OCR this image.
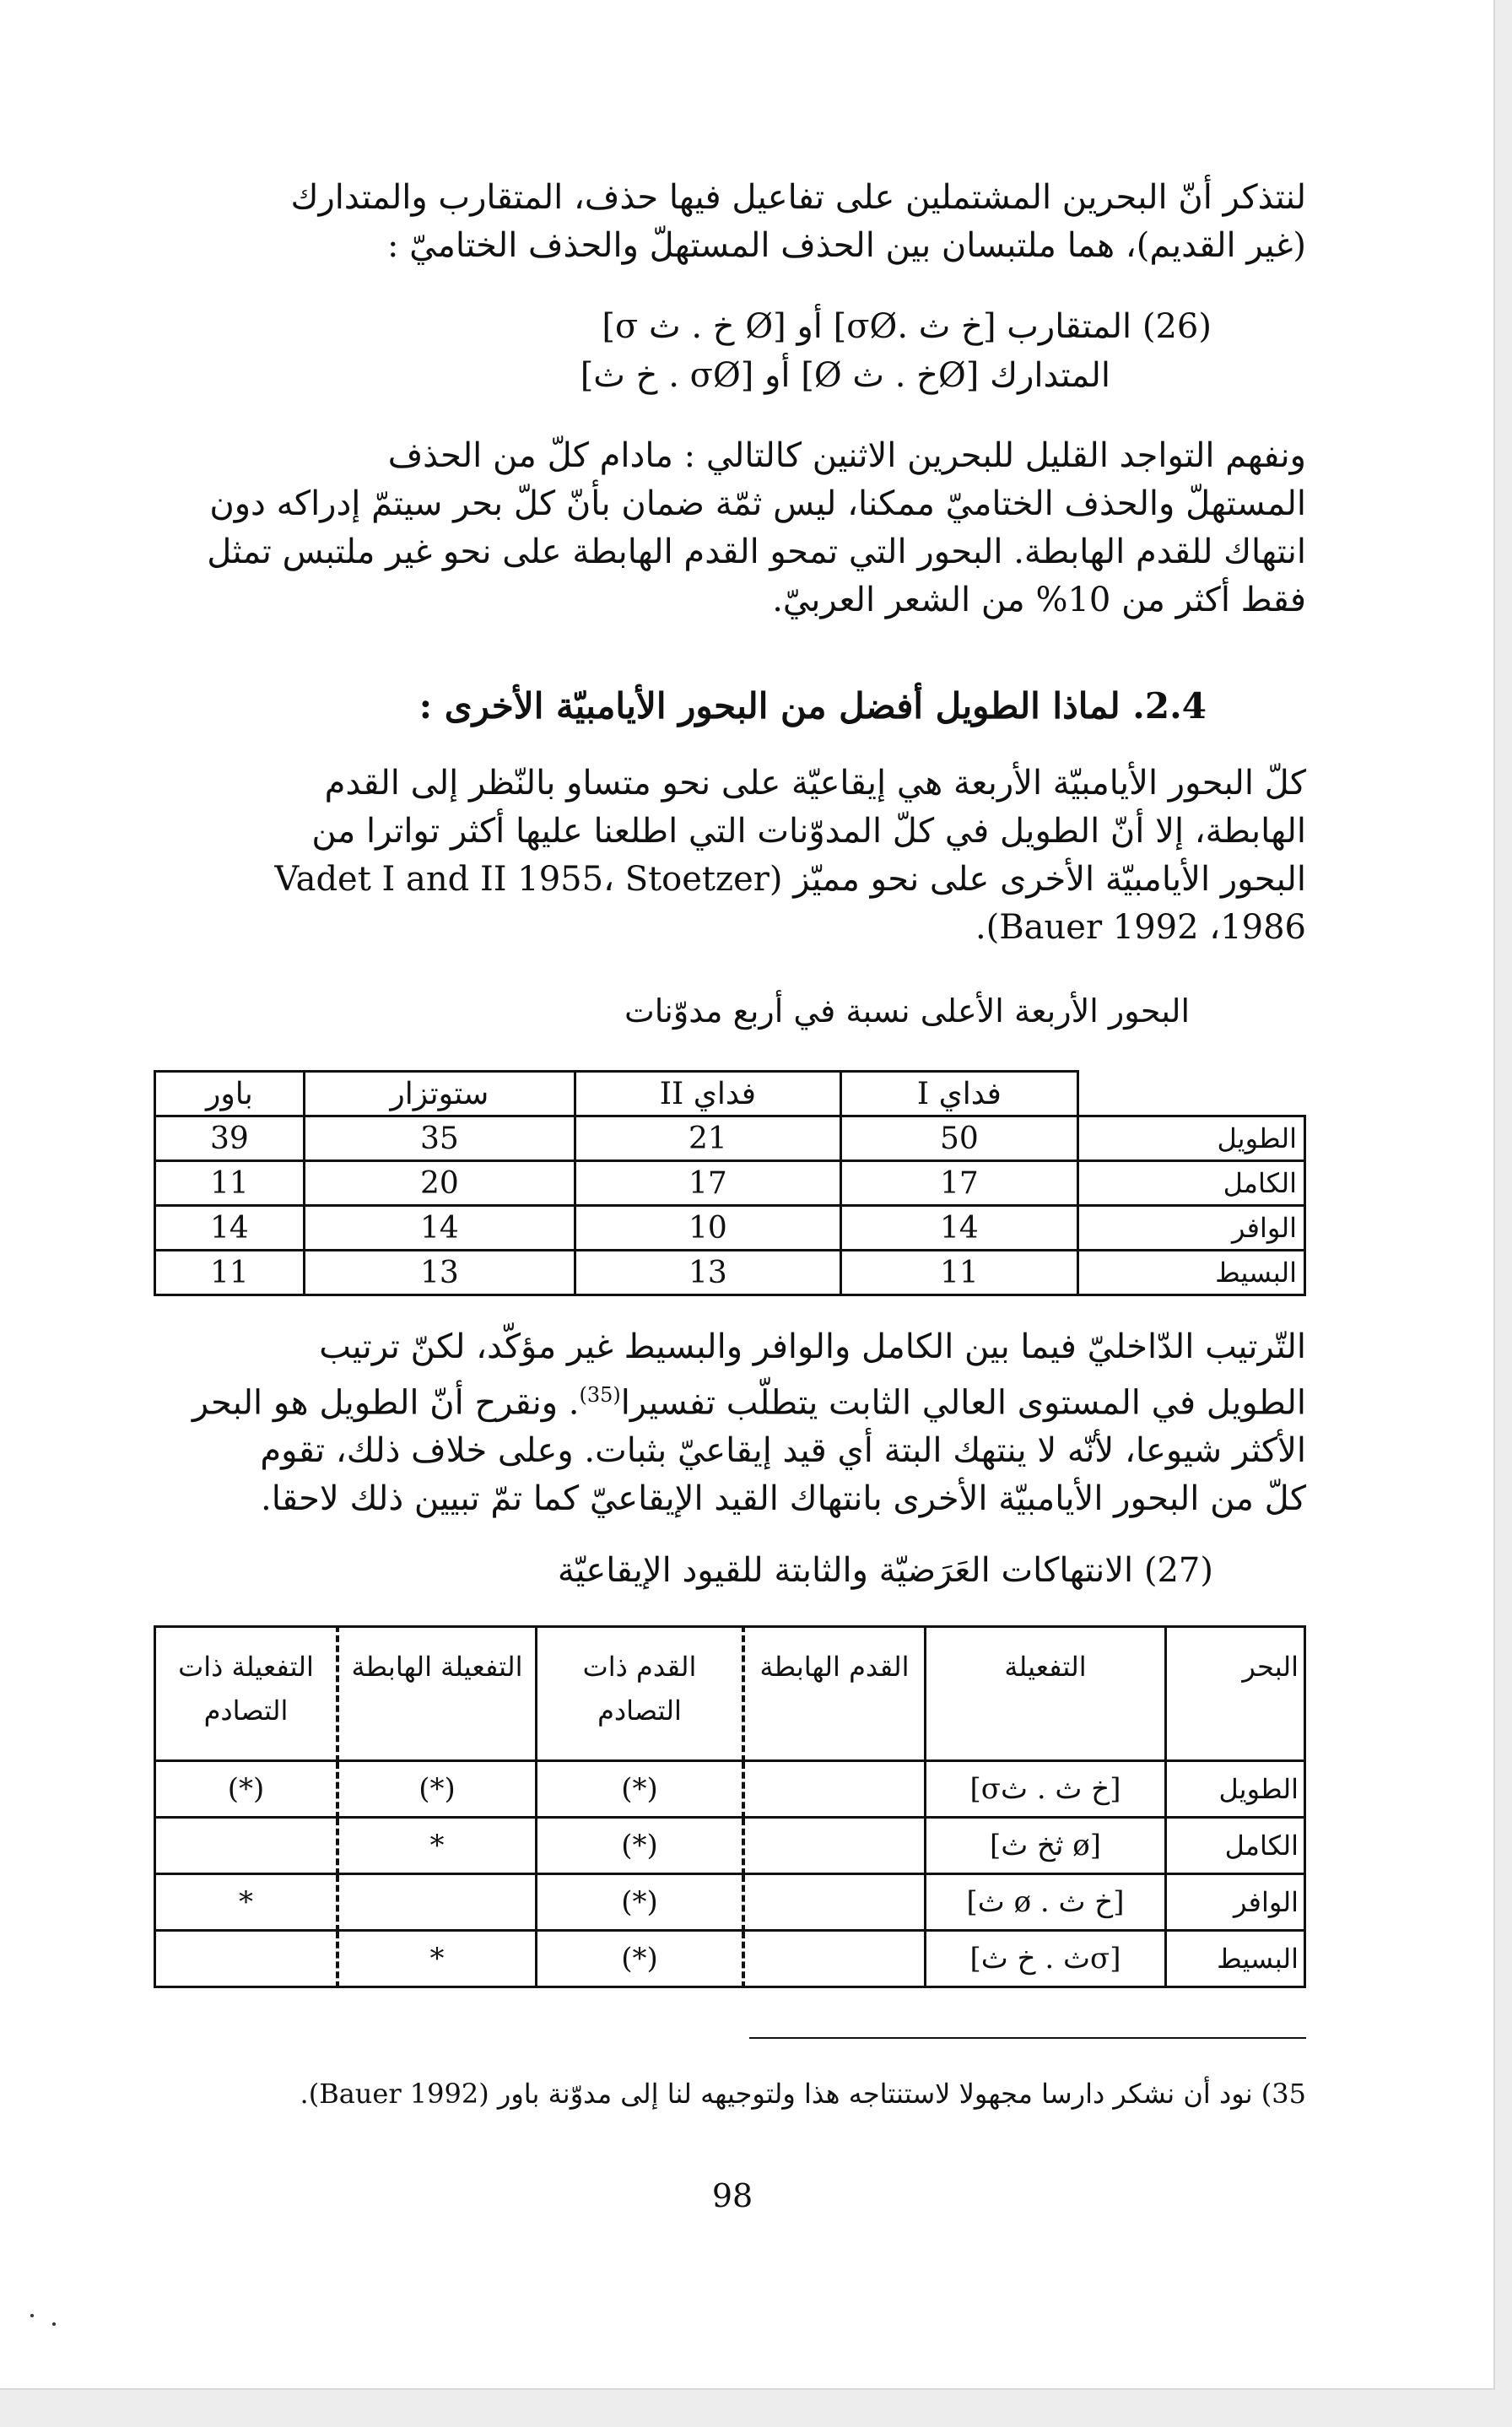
لنتذكر أنّ البحرين المشتملين على تفاعيل فيها حذف، المتقارب والمتدارك
(غير القديم)، هما ملتبسان بين الحذف المستهلّ والحذف الختاميّ :
(26) المتقارب [خ ث .σØ] أو [Ø خ . ث σ]
المتدارك [Øخ . ث Ø] أو [σØ . خ ث]
ونفهم التواجد القليل للبحرين الاثنين كالتالي : مادام كلّ من الحذف
المستهلّ والحذف الختاميّ ممكنا، ليس ثمّة ضمان بأنّ كلّ بحر سيتمّ إدراكه دون
انتهاك للقدم الهابطة. البحور التي تمحو القدم الهابطة على نحو غير ملتبس تمثل
فقط أكثر من 10% من الشعر العربيّ.
2.4. لماذا الطويل أفضل من البحور الأيامبيّة الأخرى :
كلّ البحور الأيامبيّة الأربعة هي إيقاعيّة على نحو متساو بالنّظر إلى القدم
الهابطة، إلا أنّ الطويل في كلّ المدوّنات التي اطلعنا عليها أكثر تواترا من
البحور الأيامبيّة الأخرى على نحو مميّز (Vadet I and II 1955، Stoetzer
1986، Bauer 1992).
البحور الأربعة الأعلى نسبة في أربع مدوّنات
	فداي I	فداي II	ستوتزار	باور
الطويل	50	21	35	39
الكامل	17	17	20	11
الوافر	14	10	14	14
البسيط	11	13	13	11
التّرتيب الدّاخليّ فيما بين الكامل والوافر والبسيط غير مؤكّد، لكنّ ترتيب
الطويل في المستوى العالي الثابت يتطلّب تفسيرا$^{(35)}$. ونقرح أنّ الطويل هو البحر
الأكثر شيوعا، لأنّه لا ينتهك البتة أي قيد إيقاعيّ بثبات. وعلى خلاف ذلك، تقوم
كلّ من البحور الأيامبيّة الأخرى بانتهاك القيد الإيقاعيّ كما تمّ تبيين ذلك لاحقا.
(27) الانتهاكات العَرَضيّة والثابتة للقيود الإيقاعيّة
البحر	التفعيلة	القدم الهابطة	القدم ذات التصادم	التفعيلة الهابطة	التفعيلة ذات التصادم
الطويل	[خ ث . ثσ]		(*)	(*)	(*)
الكامل	[ø ثخ ث]		(*)	*	
الوافر	[خ ث . ø ث]		(*)		*
البسيط	[σث . خ ث]		(*)	*	
35) نود أن نشكر دارسا مجهولا لاستنتاجه هذا ولتوجيهه لنا إلى مدوّنة باور (Bauer 1992).
98
